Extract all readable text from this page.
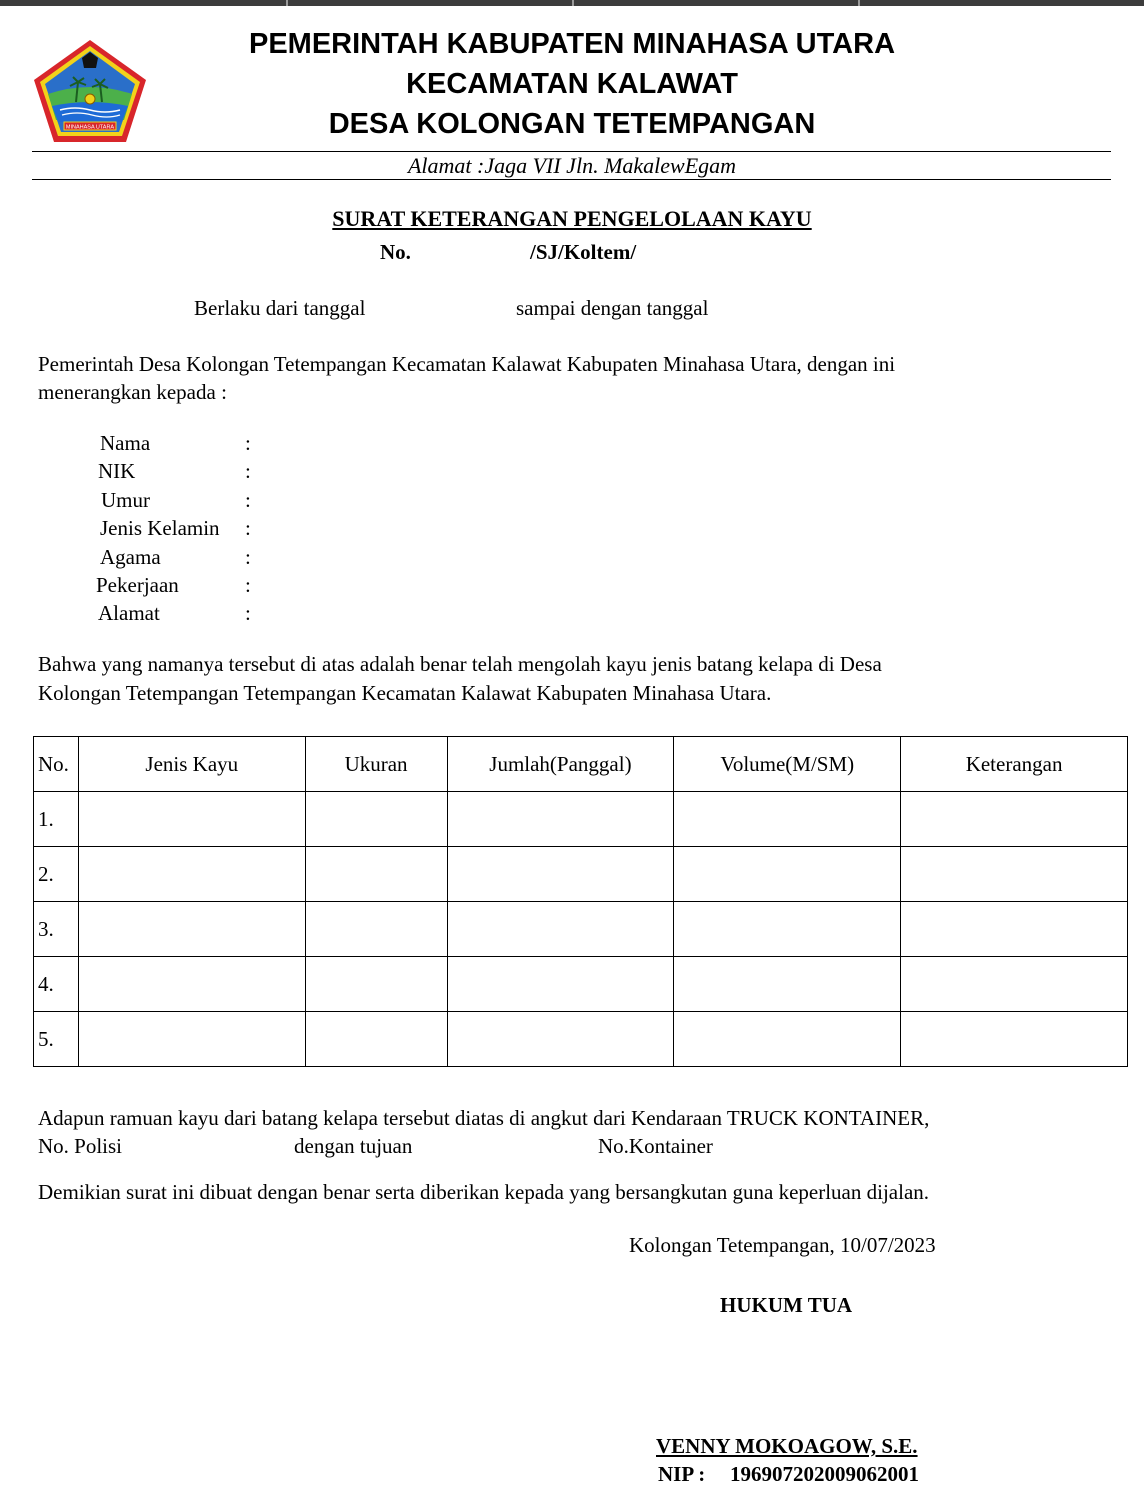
MINAHASA UTARA
PEMERINTAH KABUPATEN MINAHASA UTARA
KECAMATAN KALAWAT
DESA KOLONGAN TETEMPANGAN
Alamat :Jaga VII Jln. MakalewEgam
SURAT KETERANGAN PENGELOLAAN KAYU
No.	/SJ/Koltem/
Berlaku dari tanggal	sampai dengan tanggal
Pemerintah Desa Kolongan Tetempangan Kecamatan Kalawat Kabupaten Minahasa Utara, dengan ini
menerangkan kepada :
Nama	:
NIK	:
Umur	:
Jenis Kelamin :
Agama	:
Pekerjaan	:
Alamat	:
Bahwa yang namanya tersebut di atas adalah benar telah mengolah kayu jenis batang kelapa di Desa
Kolongan Tetempangan Tetempangan Kecamatan Kalawat Kabupaten Minahasa Utara.
No.	Jenis Kayu	Ukuran	Jumlah(Panggal)	Volume(M/SM)	Keterangan
1.					
2.					
3.					
4.					
5.					
Adapun ramuan kayu dari batang kelapa tersebut diatas di angkut dari Kendaraan TRUCK KONTAINER,
No. Polisi	dengan tujuan	No.Kontainer
Demikian surat ini dibuat dengan benar serta diberikan kepada yang bersangkutan guna keperluan dijalan.
Kolongan Tetempangan, 10/07/2023
HUKUM TUA
VENNY MOKOAGOW, S.E.
NIP : 196907202009062001
